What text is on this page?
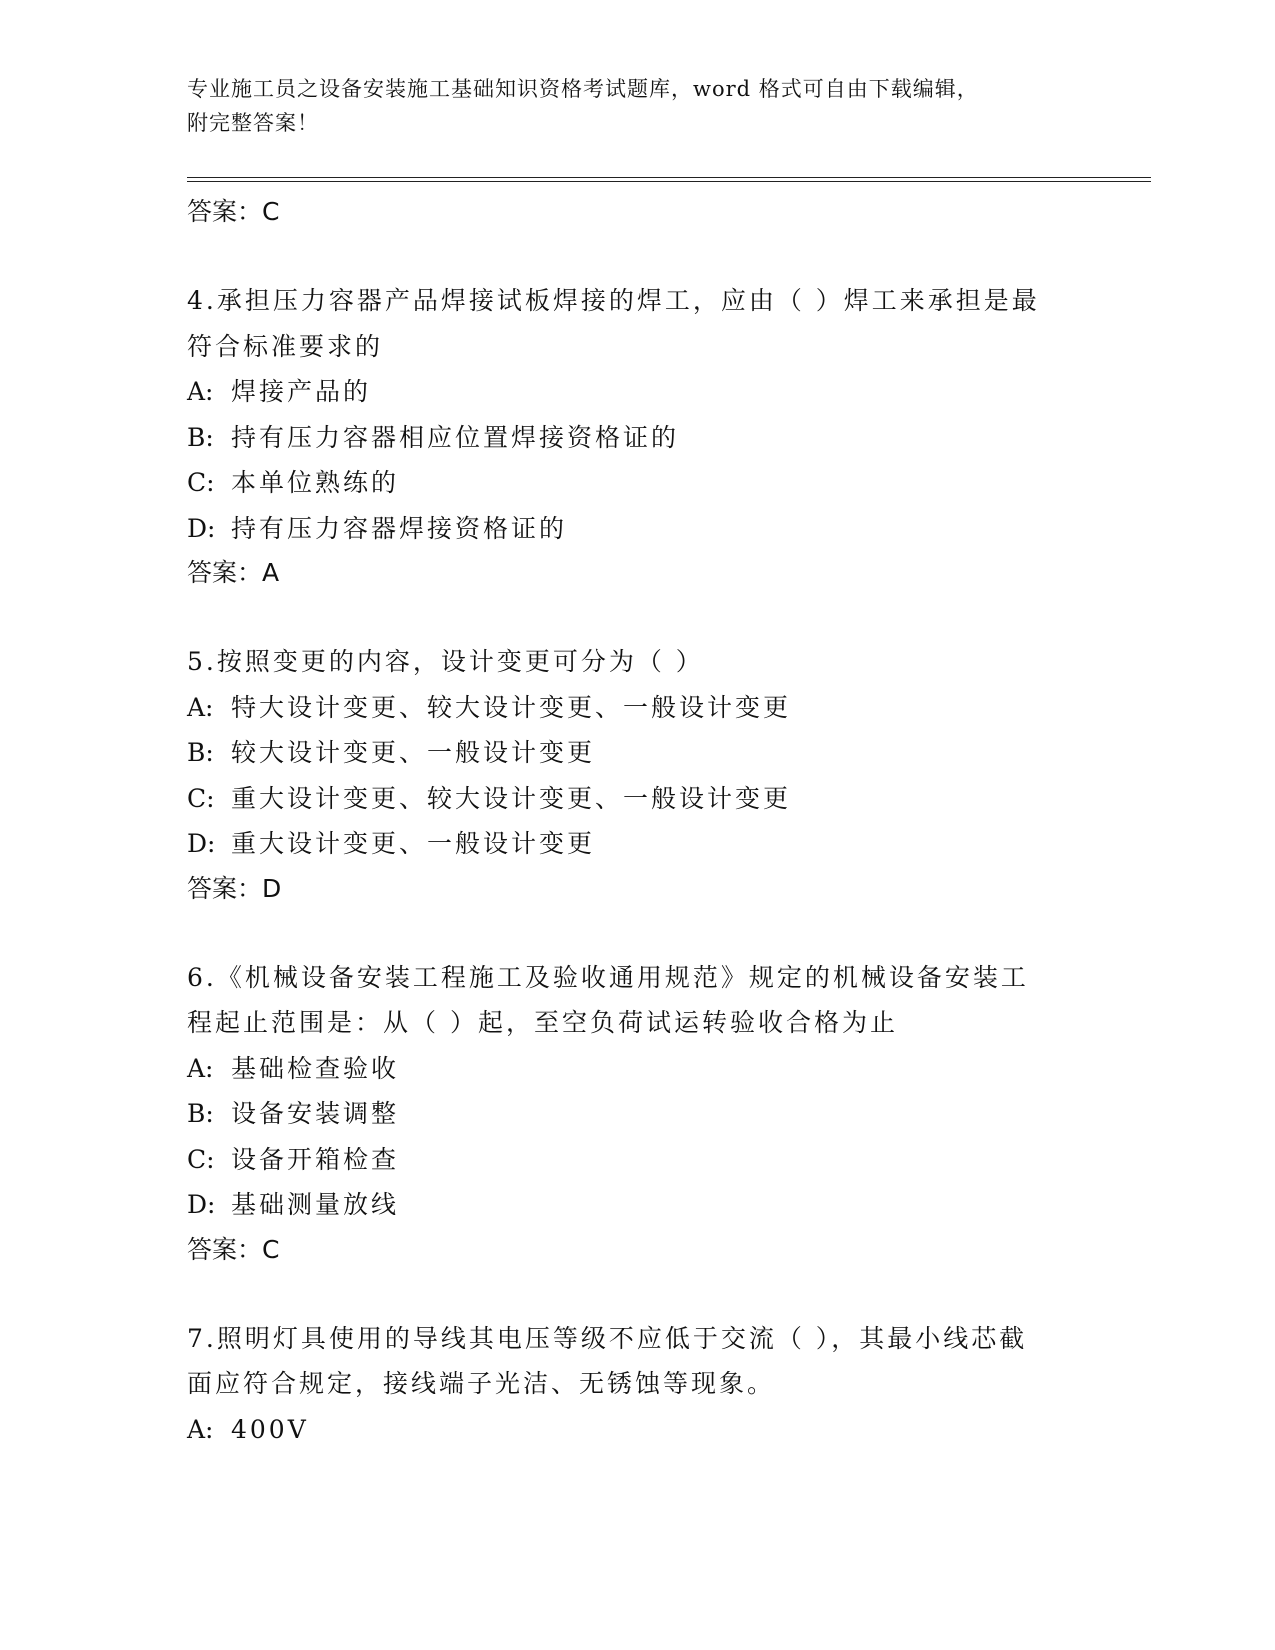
专业施工员之设备安装施工基础知识资格考试题库，word 格式可自由下载编辑，
附完整答案！
答案：C
4.承担压力容器产品焊接试板焊接的焊工，应由（ ）焊工来承担是最
符合标准要求的
A: 焊接产品的
B: 持有压力容器相应位置焊接资格证的
C: 本单位熟练的
D: 持有压力容器焊接资格证的
答案：A
5.按照变更的内容，设计变更可分为（ ）
A: 特大设计变更、较大设计变更、一般设计变更
B: 较大设计变更、一般设计变更
C: 重大设计变更、较大设计变更、一般设计变更
D: 重大设计变更、一般设计变更
答案：D
6.《机械设备安装工程施工及验收通用规范》规定的机械设备安装工
程起止范围是：从（ ）起，至空负荷试运转验收合格为止
A: 基础检查验收
B: 设备安装调整
C: 设备开箱检查
D: 基础测量放线
答案：C
7.照明灯具使用的导线其电压等级不应低于交流（ ），其最小线芯截
面应符合规定，接线端子光洁、无锈蚀等现象。
A: 400V
